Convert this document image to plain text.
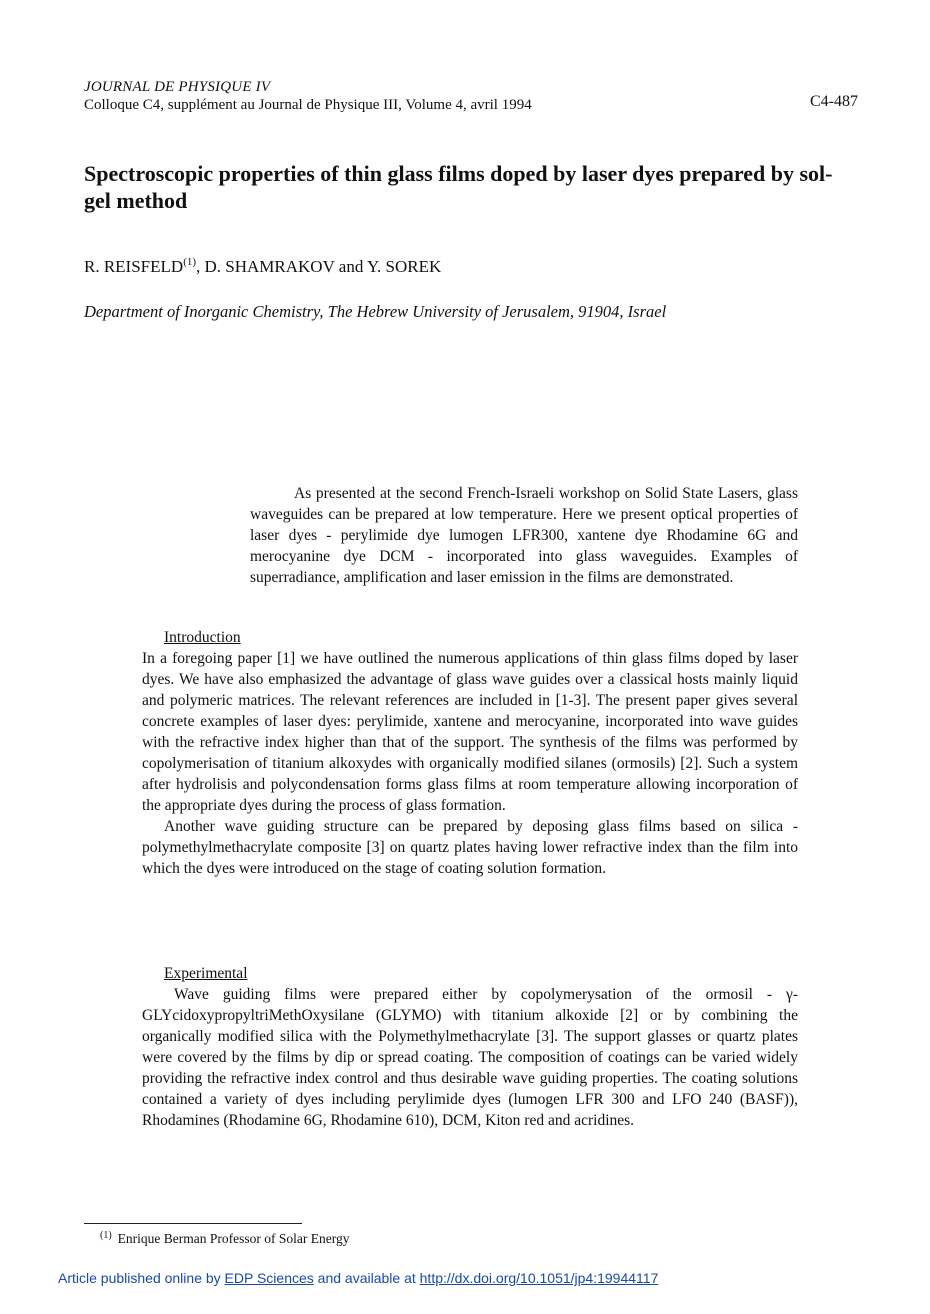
JOURNAL DE PHYSIQUE IV
Colloque C4, supplément au Journal de Physique III, Volume 4, avril 1994	C4-487
Spectroscopic properties of thin glass films doped by laser dyes prepared by sol-gel method
R. REISFELD$^{(1)}$, D. SHAMRAKOV and Y. SOREK
Department of Inorganic Chemistry, The Hebrew University of Jerusalem, 91904, Israel
As presented at the second French-Israeli workshop on Solid State Lasers, glass waveguides can be prepared at low temperature. Here we present optical properties of laser dyes - perylimide dye lumogen LFR300, xantene dye Rhodamine 6G and merocyanine dye DCM - incorporated into glass waveguides. Examples of superradiance, amplification and laser emission in the films are demonstrated.
Introduction
In a foregoing paper [1] we have outlined the numerous applications of thin glass films doped by laser dyes. We have also emphasized the advantage of glass wave guides over a classical hosts mainly liquid and polymeric matrices. The relevant references are included in [1-3]. The present paper gives several concrete examples of laser dyes: perylimide, xantene and merocyanine, incorporated into wave guides with the refractive index higher than that of the support. The synthesis of the films was performed by copolymerisation of titanium alkoxydes with organically modified silanes (ormosils) [2]. Such a system after hydrolisis and polycondensation forms glass films at room temperature allowing incorporation of the appropriate dyes during the process of glass formation.
Another wave guiding structure can be prepared by deposing glass films based on silica - polymethylmethacrylate composite [3] on quartz plates having lower refractive index than the film into which the dyes were introduced on the stage of coating solution formation.
Experimental
Wave guiding films were prepared either by copolymerysation of the ormosil - γ-GLYcidoxypropyltriMethOxysilane (GLYMO) with titanium alkoxide [2] or by combining the organically modified silica with the Polymethylmethacrylate [3]. The support glasses or quartz plates were covered by the films by dip or spread coating. The composition of coatings can be varied widely providing the refractive index control and thus desirable wave guiding properties. The coating solutions contained a variety of dyes including perylimide dyes (lumogen LFR 300 and LFO 240 (BASF)), Rhodamines (Rhodamine 6G, Rhodamine 610), DCM, Kiton red and acridines.
$^{(1)}$ Enrique Berman Professor of Solar Energy
Article published online by EDP Sciences and available at http://dx.doi.org/10.1051/jp4:19944117
